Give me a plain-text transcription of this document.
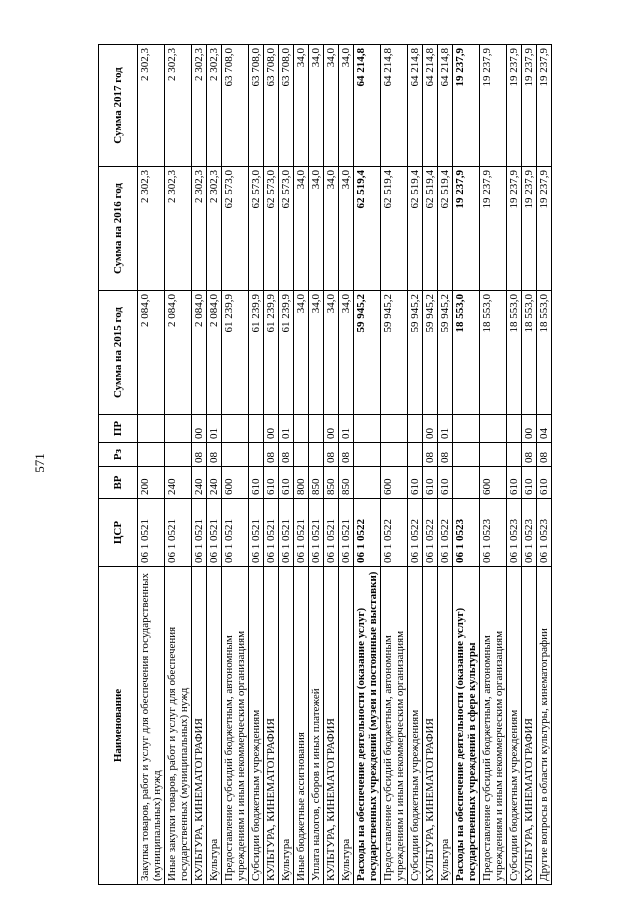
571
Наименование	ЦСР	ВР	Рз	ПР	Сумма на 2015 год	Сумма на 2016 год	Сумма 2017 год
Закупка товаров, работ и услуг для обеспечения государственных (муниципальных) нужд	06 1 0521	200			2 084,0	2 302,3	2 302,3
Иные закупки товаров, работ и услуг для обеспечения государственных (муниципальных) нужд	06 1 0521	240			2 084,0	2 302,3	2 302,3
КУЛЬТУРА, КИНЕМАТОГРАФИЯ	06 1 0521	240	08	00	2 084,0	2 302,3	2 302,3
Культура	06 1 0521	240	08	01	2 084,0	2 302,3	2 302,3
Предоставление субсидий бюджетным, автономным учреждениям и иным некоммерческим организациям	06 1 0521	600			61 239,9	62 573,0	63 708,0
Субсидии бюджетным учреждениям	06 1 0521	610			61 239,9	62 573,0	63 708,0
КУЛЬТУРА, КИНЕМАТОГРАФИЯ	06 1 0521	610	08	00	61 239,9	62 573,0	63 708,0
Культура	06 1 0521	610	08	01	61 239,9	62 573,0	63 708,0
Иные бюджетные ассигнования	06 1 0521	800			34,0	34,0	34,0
Уплата налогов, сборов и иных платежей	06 1 0521	850			34,0	34,0	34,0
КУЛЬТУРА, КИНЕМАТОГРАФИЯ	06 1 0521	850	08	00	34,0	34,0	34,0
Культура	06 1 0521	850	08	01	34,0	34,0	34,0
Расходы на обеспечение деятельности (оказание услуг) государственных учреждений (музеи и постоянные выставки)	06 1 0522				59 945,2	62 519,4	64 214,8
Предоставление субсидий бюджетным, автономным учреждениям и иным некоммерческим организациям	06 1 0522	600			59 945,2	62 519,4	64 214,8
Субсидии бюджетным учреждениям	06 1 0522	610			59 945,2	62 519,4	64 214,8
КУЛЬТУРА, КИНЕМАТОГРАФИЯ	06 1 0522	610	08	00	59 945,2	62 519,4	64 214,8
Культура	06 1 0522	610	08	01	59 945,2	62 519,4	64 214,8
Расходы на обеспечение деятельности (оказание услуг) государственных учреждений в сфере культуры	06 1 0523				18 553,0	19 237,9	19 237,9
Предоставление субсидий бюджетным, автономным учреждениям и иным некоммерческим организациям	06 1 0523	600			18 553,0	19 237,9	19 237,9
Субсидии бюджетным учреждениям	06 1 0523	610			18 553,0	19 237,9	19 237,9
КУЛЬТУРА, КИНЕМАТОГРАФИЯ	06 1 0523	610	08	00	18 553,0	19 237,9	19 237,9
Другие вопросы в области культуры, кинематографии	06 1 0523	610	08	04	18 553,0	19 237,9	19 237,9
